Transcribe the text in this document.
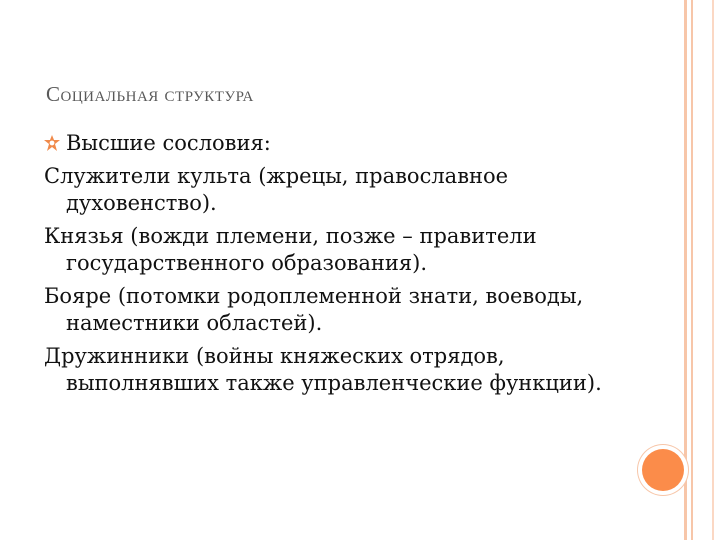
Социальная структура
Высшие сословия:
Служители культа (жрецы, православное духовенство).
Князья (вожди племени, позже – правители государственного образования).
Бояре (потомки родоплеменной знати, воеводы, наместники областей).
Дружинники (войны княжеских отрядов, выполнявших также управленческие функции).
